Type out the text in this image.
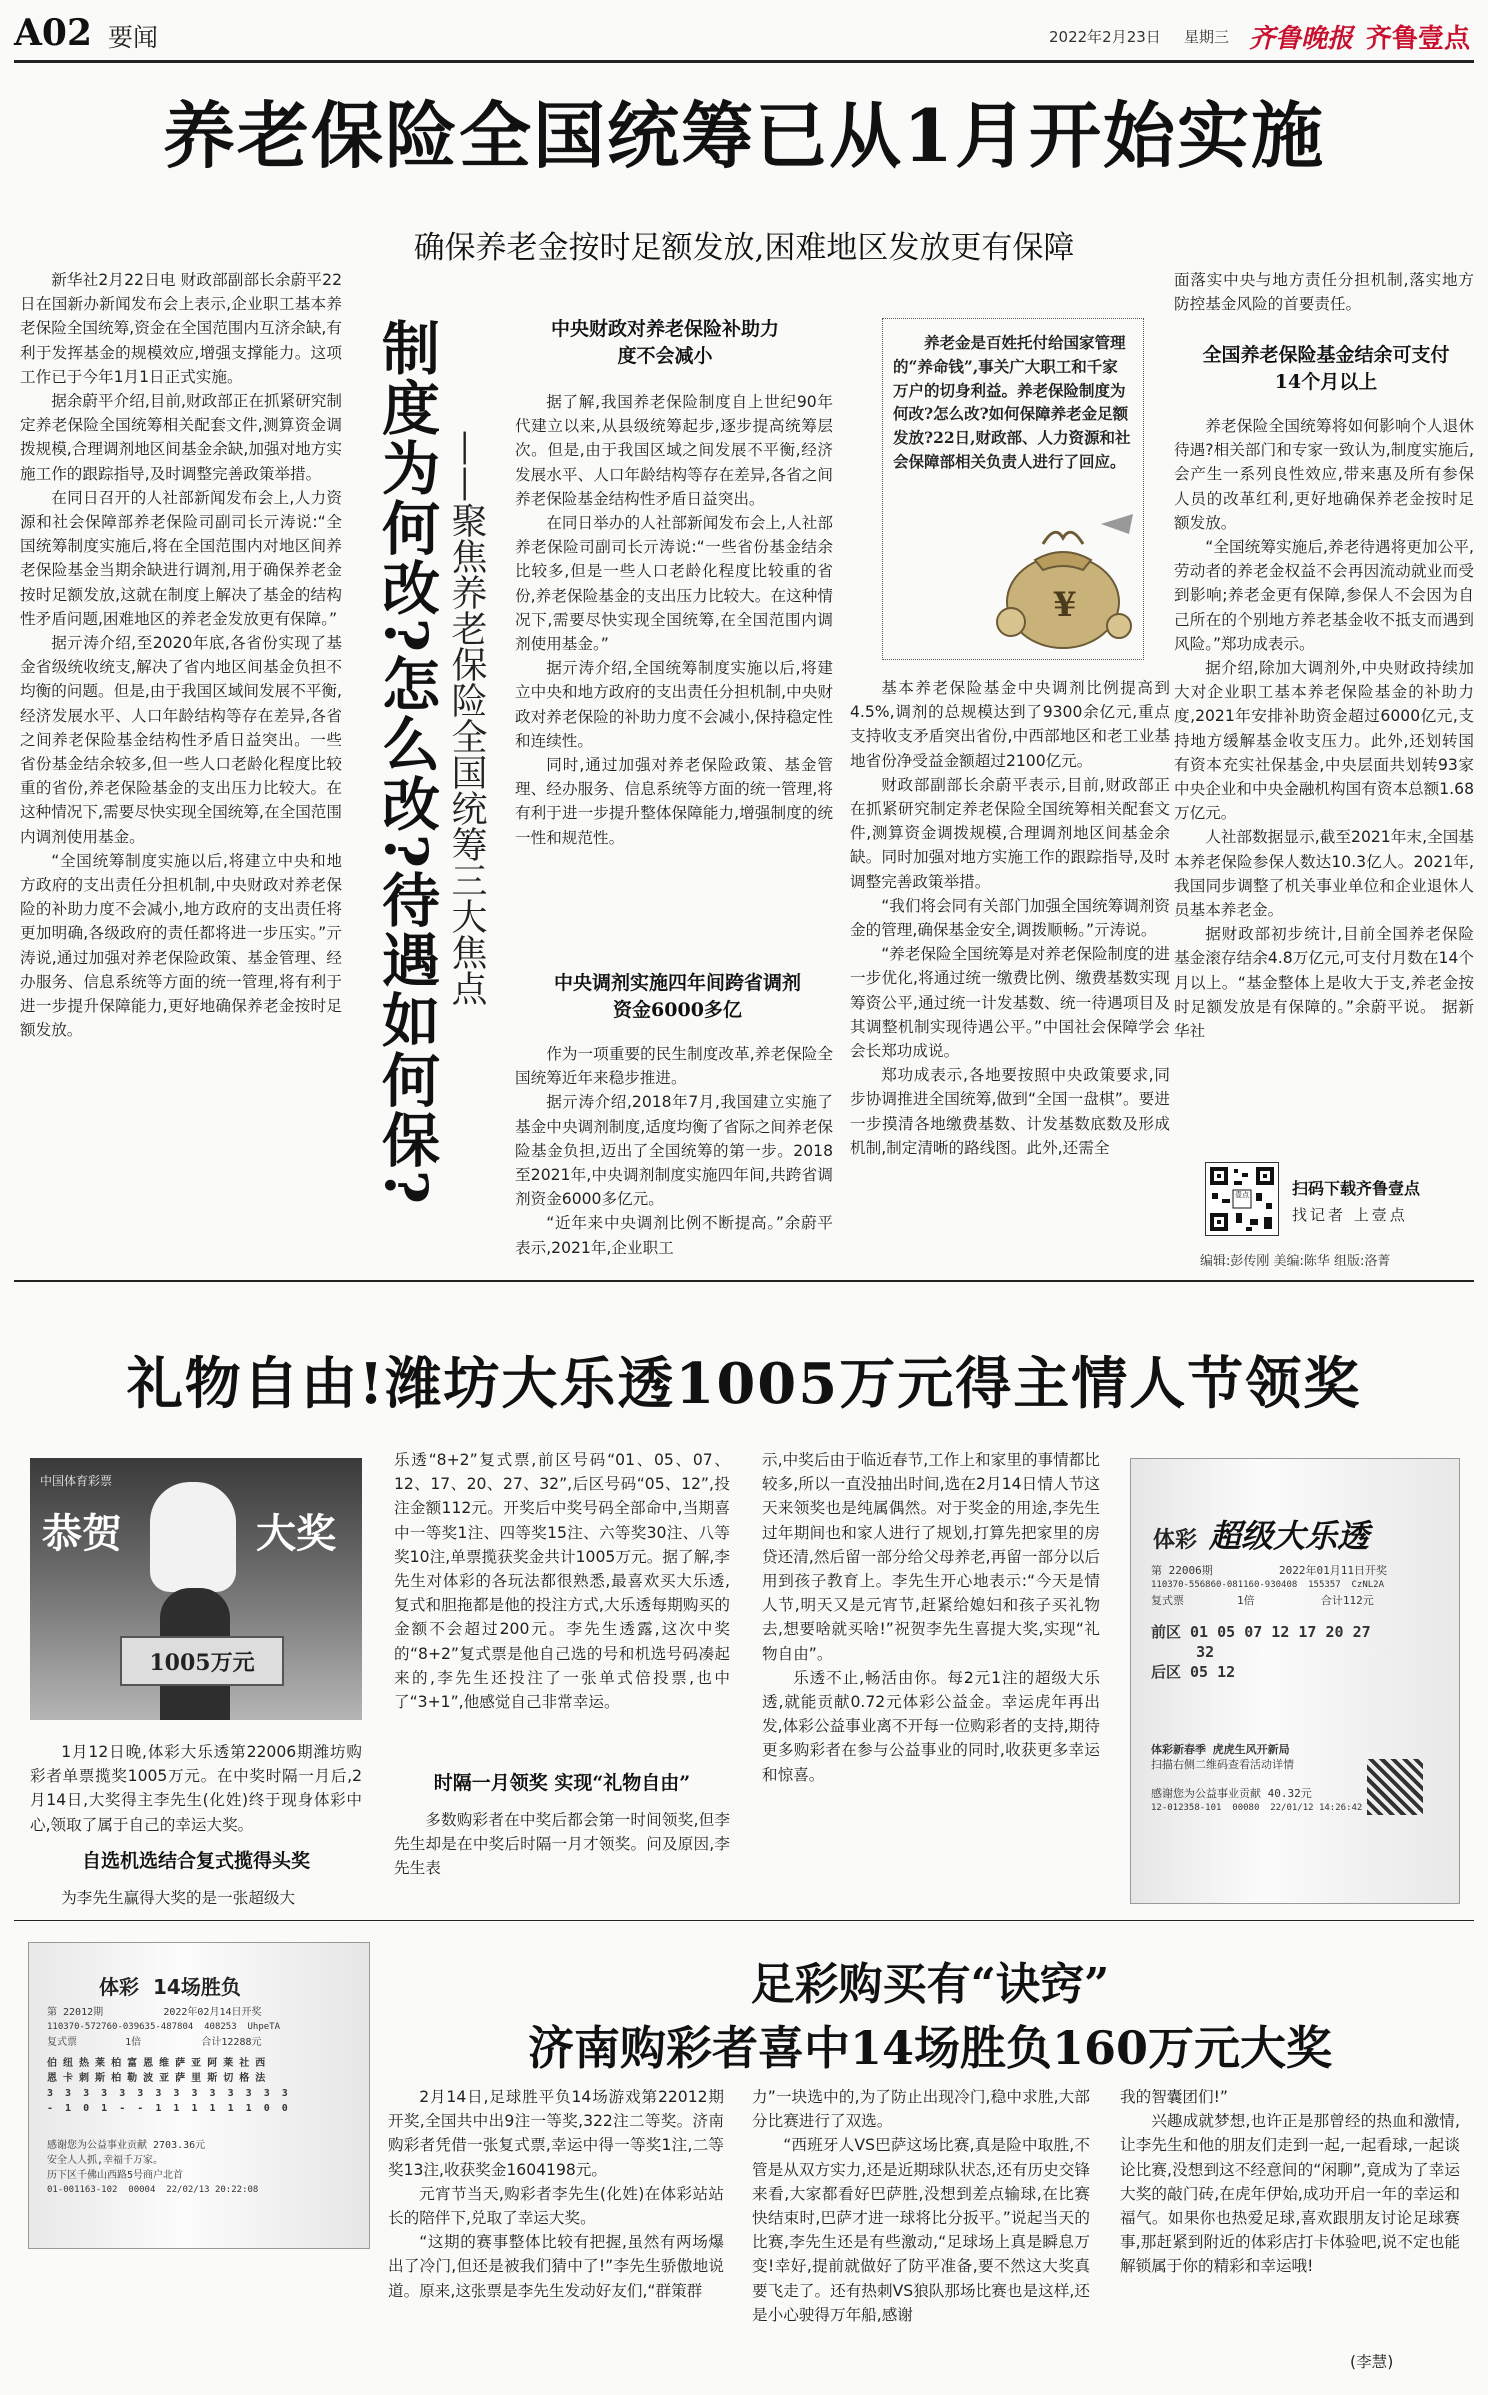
A02 要闻	2022年2月23日 星期三 齐鲁晚报 齐鲁壹点
养老保险全国统筹已从1月开始实施
确保养老金按时足额发放,困难地区发放更有保障

新华社2月22日电 财政部副部长余蔚平22日在国新办新闻发布会上表示,企业职工基本养老保险全国统筹,资金在全国范围内互济余缺,有利于发挥基金的规模效应,增强支撑能力。这项工作已于今年1月1日正式实施。

据余蔚平介绍,目前,财政部正在抓紧研究制定养老保险全国统筹相关配套文件,测算资金调拨规模,合理调剂地区间基金余缺,加强对地方实施工作的跟踪指导,及时调整完善政策举措。

在同日召开的人社部新闻发布会上,人力资源和社会保障部养老保险司副司长亓涛说:“全国统筹制度实施后,将在全国范围内对地区间养老保险基金当期余缺进行调剂,用于确保养老金按时足额发放,这就在制度上解决了基金的结构性矛盾问题,困难地区的养老金发放更有保障。”

据亓涛介绍,至2020年底,各省份实现了基金省级统收统支,解决了省内地区间基金负担不均衡的问题。但是,由于我国区域间发展不平衡,经济发展水平、人口年龄结构等存在差异,各省之间养老保险基金结构性矛盾日益突出。一些省份基金结余较多,但一些人口老龄化程度比较重的省份,养老保险基金的支出压力比较大。在这种情况下,需要尽快实现全国统筹,在全国范围内调剂使用基金。

“全国统筹制度实施以后,将建立中央和地方政府的支出责任分担机制,中央财政对养老保险的补助力度不会减小,地方政府的支出责任将更加明确,各级政府的责任都将进一步压实。”亓涛说,通过加强对养老保险政策、基金管理、经办服务、信息系统等方面的统一管理,将有利于进一步提升保障能力,更好地确保养老金按时足额发放。

制度为何改?怎么改?待遇如何保?
——聚焦养老保险全国统筹三大焦点
中央财政对养老保险补助力度不会减小

据了解,我国养老保险制度自上世纪90年代建立以来,从县级统筹起步,逐步提高统筹层次。但是,由于我国区域之间发展不平衡,经济发展水平、人口年龄结构等存在差异,各省之间养老保险基金结构性矛盾日益突出。

在同日举办的人社部新闻发布会上,人社部养老保险司副司长亓涛说:“一些省份基金结余比较多,但是一些人口老龄化程度比较重的省份,养老保险基金的支出压力比较大。在这种情况下,需要尽快实现全国统筹,在全国范围内调剂使用基金。”

据亓涛介绍,全国统筹制度实施以后,将建立中央和地方政府的支出责任分担机制,中央财政对养老保险的补助力度不会减小,保持稳定性和连续性。

同时,通过加强对养老保险政策、基金管理、经办服务、信息系统等方面的统一管理,将有利于进一步提升整体保障能力,增强制度的统一性和规范性。

中央调剂实施四年间跨省调剂资金6000多亿

作为一项重要的民生制度改革,养老保险全国统筹近年来稳步推进。

据亓涛介绍,2018年7月,我国建立实施了基金中央调剂制度,适度均衡了省际之间养老保险基金负担,迈出了全国统筹的第一步。2018至2021年,中央调剂制度实施四年间,共跨省调剂资金6000多亿元。

“近年来中央调剂比例不断提高。”余蔚平表示,2021年,企业职工

养老金是百姓托付给国家管理的“养命钱”,事关广大职工和千家万户的切身利益。养老保险制度为何改?怎么改?如何保障养老金足额发放?22日,财政部、人力资源和社会保障部相关负责人进行了回应。
¥

基本养老保险基金中央调剂比例提高到4.5%,调剂的总规模达到了9300余亿元,重点支持收支矛盾突出省份,中西部地区和老工业基地省份净受益金额超过2100亿元。

财政部副部长余蔚平表示,目前,财政部正在抓紧研究制定养老保险全国统筹相关配套文件,测算资金调拨规模,合理调剂地区间基金余缺。同时加强对地方实施工作的跟踪指导,及时调整完善政策举措。

“我们将会同有关部门加强全国统筹调剂资金的管理,确保基金安全,调拨顺畅。”亓涛说。

“养老保险全国统筹是对养老保险制度的进一步优化,将通过统一缴费比例、缴费基数实现筹资公平,通过统一计发基数、统一待遇项目及其调整机制实现待遇公平。”中国社会保障学会会长郑功成说。

郑功成表示,各地要按照中央政策要求,同步协调推进全国统筹,做到“全国一盘棋”。要进一步摸清各地缴费基数、计发基数底数及形成机制,制定清晰的路线图。此外,还需全

面落实中央与地方责任分担机制,落实地方防控基金风险的首要责任。

全国养老保险基金结余可支付14个月以上

养老保险全国统筹将如何影响个人退休待遇?相关部门和专家一致认为,制度实施后,会产生一系列良性效应,带来惠及所有参保人员的改革红利,更好地确保养老金按时足额发放。

“全国统筹实施后,养老待遇将更加公平,劳动者的养老金权益不会再因流动就业而受到影响;养老金更有保障,参保人不会因为自己所在的个别地方养老基金收不抵支而遇到风险。”郑功成表示。

据介绍,除加大调剂外,中央财政持续加大对企业职工基本养老保险基金的补助力度,2021年安排补助资金超过6000亿元,支持地方缓解基金收支压力。此外,还划转国有资本充实社保基金,中央层面共划转93家中央企业和中央金融机构国有资本总额1.68万亿元。

人社部数据显示,截至2021年末,全国基本养老保险参保人数达10.3亿人。2021年,我国同步调整了机关事业单位和企业退休人员基本养老金。

据财政部初步统计,目前全国养老保险基金滚存结余4.8万亿元,可支付月数在14个月以上。“基金整体上是收大于支,养老金按时足额发放是有保障的。”余蔚平说。 据新华社

壹点	扫码下载齐鲁壹点
找记者 上壹点
编辑:彭传刚 美编:陈华 组版:洛菁
礼物自由!潍坊大乐透1005万元得主情人节领奖
中国体育彩票
恭贺	大奖
1005万元

1月12日晚,体彩大乐透第22006期潍坊购彩者单票揽奖1005万元。在中奖时隔一月后,2月14日,大奖得主李先生(化姓)终于现身体彩中心,领取了属于自己的幸运大奖。

自选机选结合复式揽得头奖

为李先生赢得大奖的是一张超级大

乐透“8+2”复式票,前区号码“01、05、07、12、17、20、27、32”,后区号码“05、12”,投注金额112元。开奖后中奖号码全部命中,当期喜中一等奖1注、四等奖15注、六等奖30注、八等奖10注,单票揽获奖金共计1005万元。据了解,李先生对体彩的各玩法都很熟悉,最喜欢买大乐透,复式和胆拖都是他的投注方式,大乐透每期购买的金额不会超过200元。李先生透露,这次中奖的“8+2”复式票是他自己选的号和机选号码凑起来的,李先生还投注了一张单式倍投票,也中了“3+1”,他感觉自己非常幸运。

时隔一月领奖 实现“礼物自由”

多数购彩者在中奖后都会第一时间领奖,但李先生却是在中奖后时隔一月才领奖。问及原因,李先生表

示,中奖后由于临近春节,工作上和家里的事情都比较多,所以一直没抽出时间,选在2月14日情人节这天来领奖也是纯属偶然。对于奖金的用途,李先生过年期间也和家人进行了规划,打算先把家里的房贷还清,然后留一部分给父母养老,再留一部分以后用到孩子教育上。李先生开心地表示:“今天是情人节,明天又是元宵节,赶紧给媳妇和孩子买礼物去,想要啥就买啥!”祝贺李先生喜提大奖,实现“礼物自由”。

乐透不止,畅活由你。每2元1注的超级大乐透,就能贡献0.72元体彩公益金。幸运虎年再出发,体彩公益事业离不开每一位购彩者的支持,期待更多购彩者在参与公益事业的同时,收获更多幸运和惊喜。

体彩 超级大乐透
第 22006期          2022年01月11日开奖
110370-556860-081160-930408  155357  CzNL2A
复式票        1倍          合计112元
前区 01 05 07 12 17 20 27
32
后区 05 12
体彩新春季 虎虎生风开新局
扫描右侧二维码查看活动详情
感谢您为公益事业贡献 40.32元
12-012358-101  00080  22/01/12 14:26:42
体彩 14场胜负
第 22012期          2022年02月14日开奖
110370-572760-039635-487804  408253  UhpeTA
复式票        1倍          合计12288元
伯 纽 热 莱 柏 富 恩 维 萨 亚 阿 莱 社 西
恩 卡 刺 斯 柏 勒 波 亚 萨 里 斯 切 格 法
3  3  3  3  3  3  3  3  3  3  3  3  3  3
-  1  0  1  -  -  1  1  1  1  1  1  0  0
感谢您为公益事业贡献 2703.36元
安全人人抓,幸福千万家。
历下区千佛山西路5号商户北首
01-001163-102  00004  22/02/13 20:22:08
足彩购买有“诀窍”
济南购彩者喜中14场胜负160万元大奖

2月14日,足球胜平负14场游戏第22012期开奖,全国共中出9注一等奖,322注二等奖。济南购彩者凭借一张复式票,幸运中得一等奖1注,二等奖13注,收获奖金1604198元。

元宵节当天,购彩者李先生(化姓)在体彩站站长的陪伴下,兑取了幸运大奖。

“这期的赛事整体比较有把握,虽然有两场爆出了冷门,但还是被我们猜中了!”李先生骄傲地说道。原来,这张票是李先生发动好友们,“群策群

力”一块选中的,为了防止出现冷门,稳中求胜,大部分比赛进行了双选。

“西班牙人VS巴萨这场比赛,真是险中取胜,不管是从双方实力,还是近期球队状态,还有历史交锋来看,大家都看好巴萨胜,没想到差点输球,在比赛快结束时,巴萨才进一球将比分扳平。”说起当天的比赛,李先生还是有些激动,“足球场上真是瞬息万变!幸好,提前就做好了防平准备,要不然这大奖真要飞走了。还有热刺VS狼队那场比赛也是这样,还是小心驶得万年船,感谢

我的智囊团们!”

兴趣成就梦想,也许正是那曾经的热血和激情,让李先生和他的朋友们走到一起,一起看球,一起谈论比赛,没想到这不经意间的“闲聊”,竟成为了幸运大奖的敲门砖,在虎年伊始,成功开启一年的幸运和福气。如果你也热爱足球,喜欢跟朋友讨论足球赛事,那赶紧到附近的体彩店打卡体验吧,说不定也能解锁属于你的精彩和幸运哦!

(李慧)
